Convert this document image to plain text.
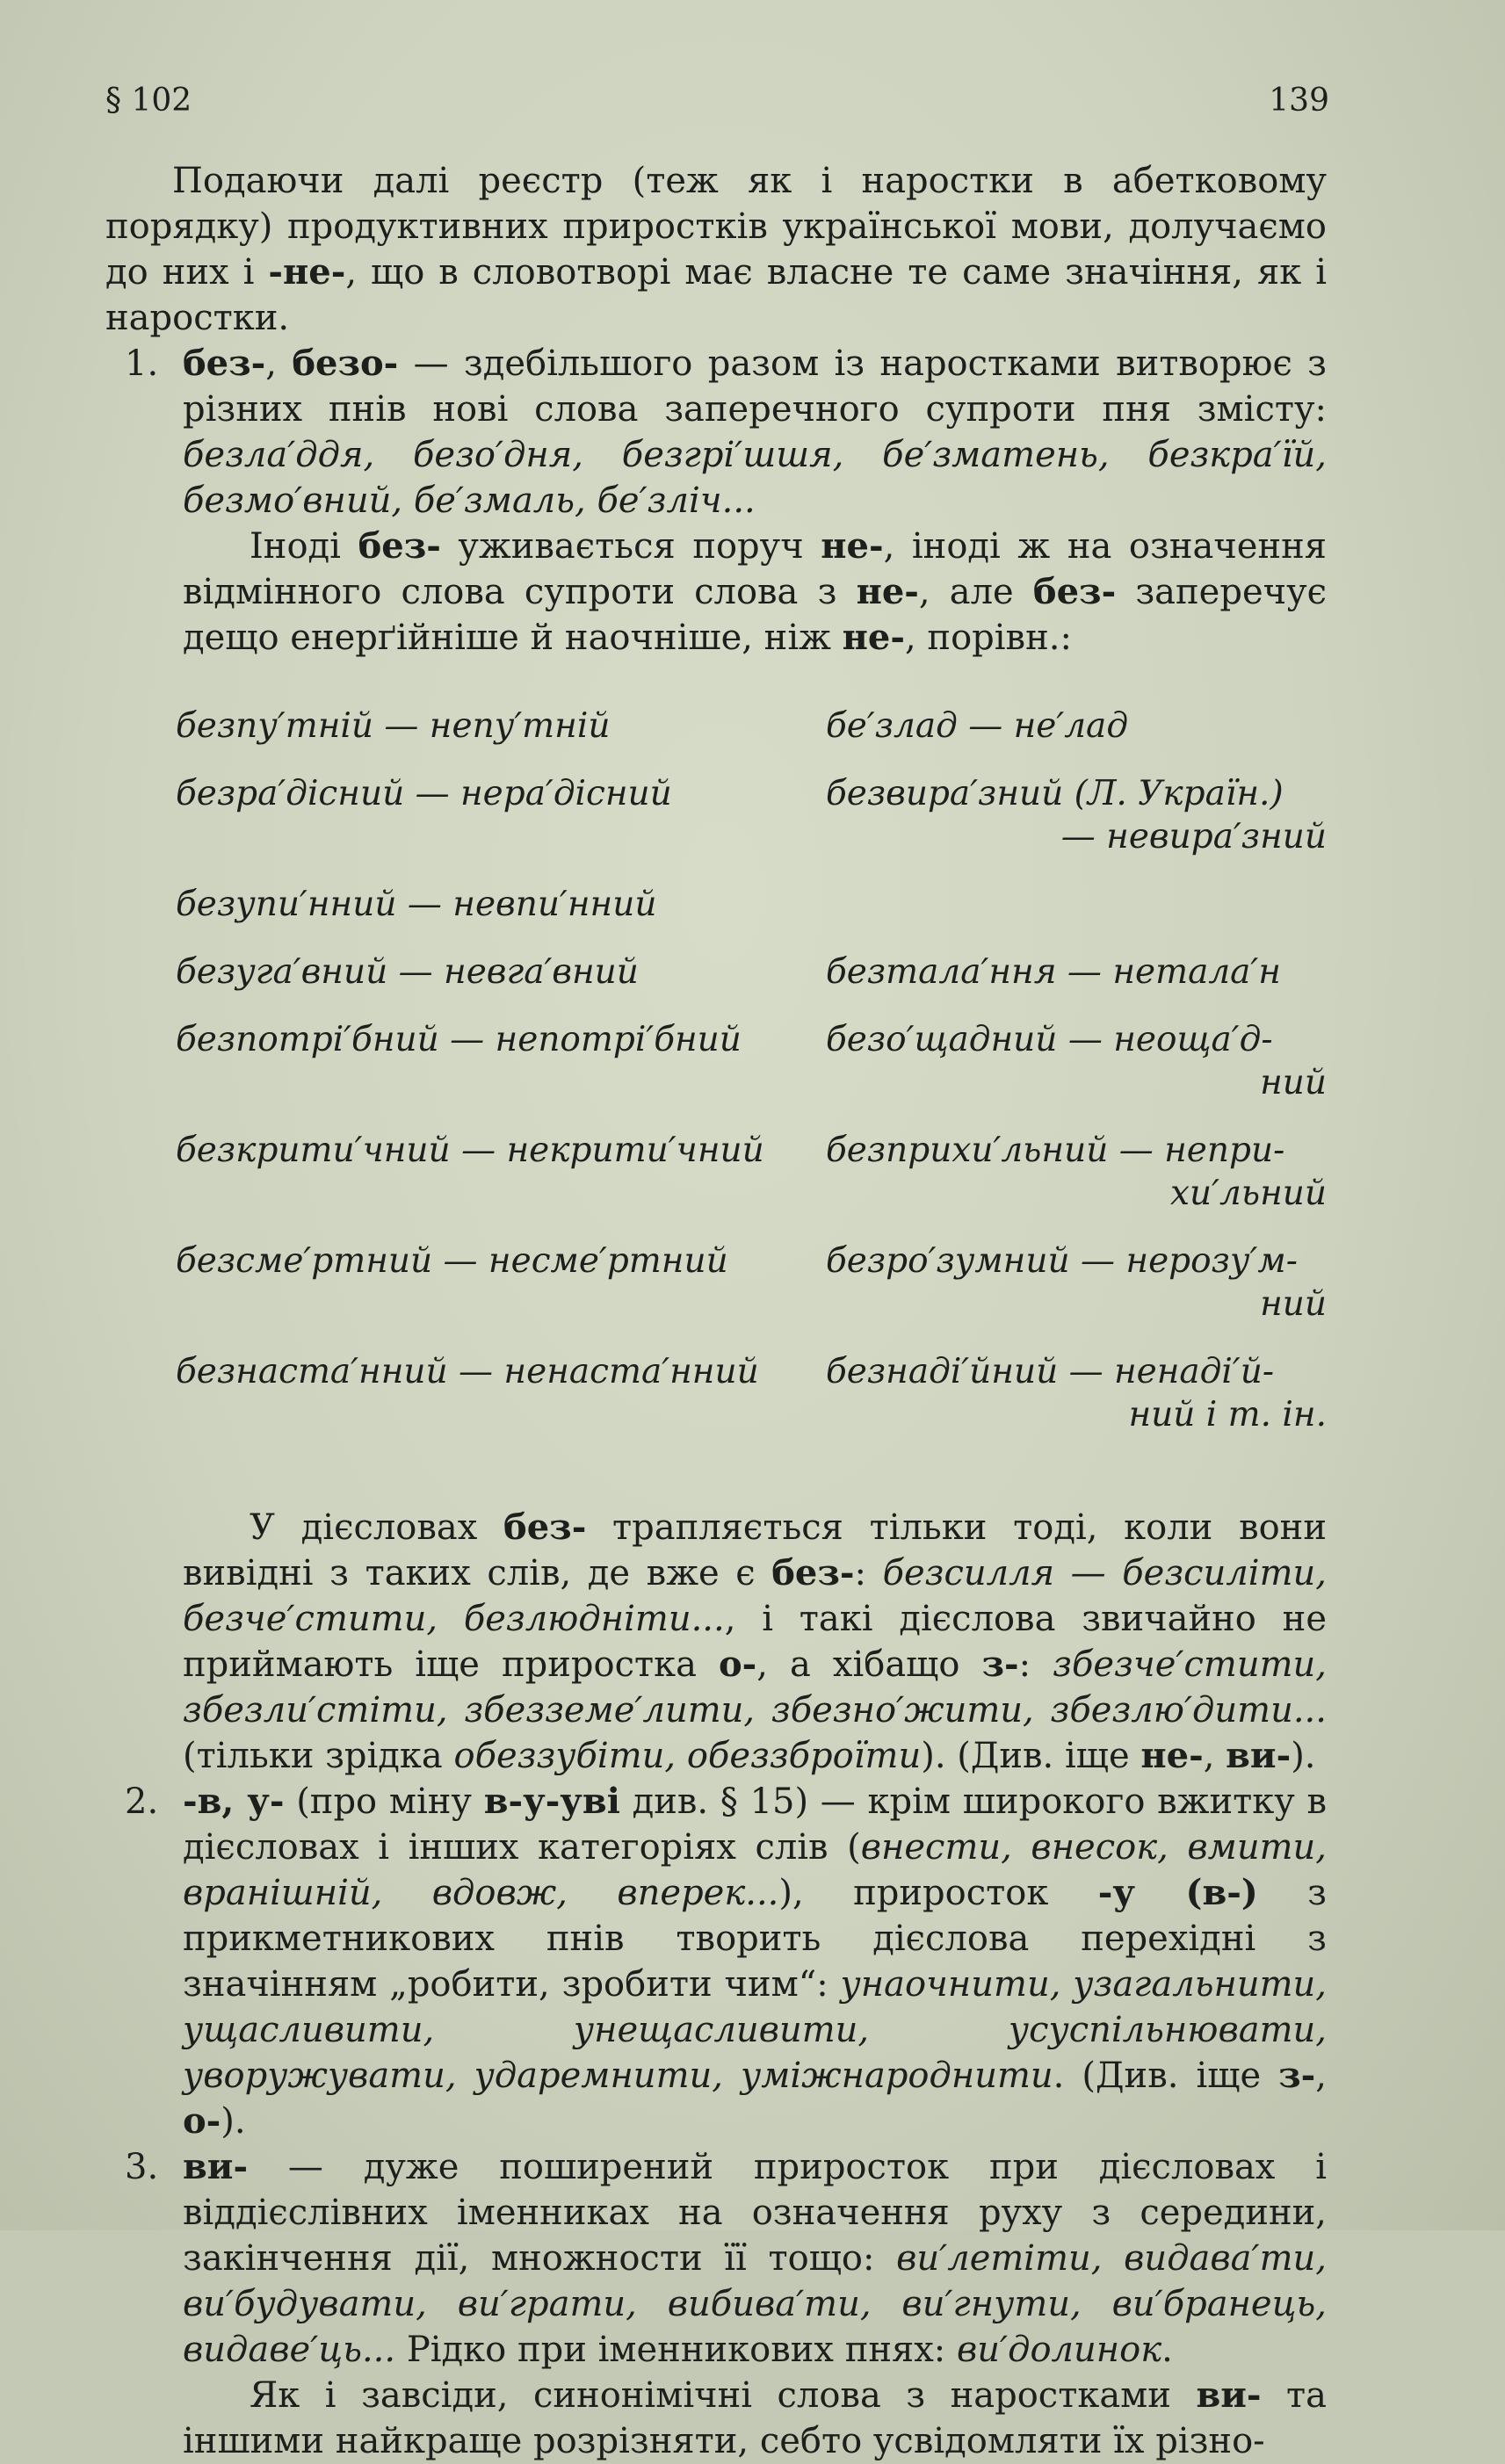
§ 102	139

Подаючи далі реєстр (теж як і наростки в абетковому порядку) продуктивних приростків української мови, долучаємо до них і -не-, що в словотворі має власне те саме значіння, як і наростки.

1. без-, безо- — здебільшого разом із наростками витворює з різних пнів нові слова заперечного супроти пня змісту: безла′ддя, безо′дня, безгрі′шшя, бе′зматень, безкра′їй, безмо′вний, бе′змаль, бе′зліч...

Іноді без- уживається поруч не-, іноді ж на означення відмінного слова супроти слова з не-, але без- заперечує дещо енерґійніше й наочніше, ніж не-, порівн.:

безпу′тній — непу′тній	бе′злад — не′лад
безра′дісний — нера′дісний	безвира′зний (Л. Україн.)
— невира′зний
безупи′нний — невпи′нний
безуга′вний — невга′вний	безтала′ння — нетала′н
безпотрі′бний — непотрі′бний	безо′щадний — неоща′д-
ний
безкрити′чний — некрити′чний	безприхи′льний — непри-
хи′льний
безсме′ртний — несме′ртний	безро′зумний — нерозу′м-
ний
безнаста′нний — ненаста′нний	безнаді′йний — ненаді′й-
ний і т. ін.

У дієсловах без- трапляється тільки тоді, коли вони вивідні з таких слів, де вже є без-: безсилля — безсиліти, безче′стити, безлюдніти..., і такі дієслова звичайно не приймають іще приростка о-, а хібащо з-: збезче′стити, збезли′стіти, збезземе′лити, збезно′жити, збезлю′дити... (тільки зрідка обеззубіти, обеззброїти). (Див. іще не-, ви-).

2. -в, у- (про міну в-у-уві див. § 15) — крім широкого вжитку в дієсловах і інших категоріях слів (внести, внесок, вмити, вранішній, вдовж, вперек...), приросток -у (в-) з прикметникових пнів творить дієслова перехідні з значінням „робити, зробити чим“: унаочнити, узагальнити, ущасливити, унещасливити, усуспільнювати, уворужувати, ударемнити, уміжнароднити. (Див. іще з-, о-).

3. ви- — дуже поширений приросток при дієсловах і віддієслівних іменниках на означення руху з середини, закінчення дії, множности її тощо: ви′летіти, видава′ти, ви′будувати, ви′грати, вибива′ти, ви′гнути, ви′бранець, видаве′ць... Рідко при іменникових пнях: ви′долинок.

Як і завсіди, синонімічні слова з наростками ви- та іншими найкраще розрізняти, себто усвідомляти їх різно-
